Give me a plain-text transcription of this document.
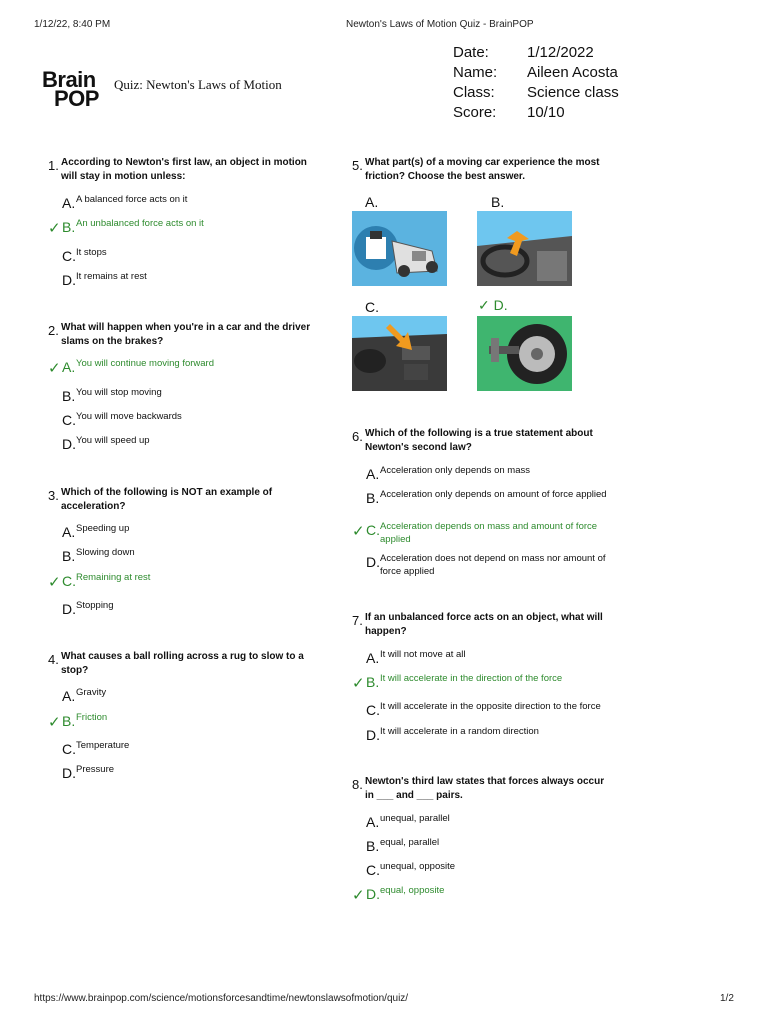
1/12/22, 8:40 PM	Newton's Laws of Motion Quiz - BrainPOP
Brain
POP
Quiz: Newton's Laws of Motion
Date:	1/12/2022
Name: Aileen Acosta
Class: Science class
Score: 10/10
1. According to Newton's first law, an object in motion will stay in motion unless:
A. A balanced force acts on it
✓ B. An unbalanced force acts on it
C. It stops
D. It remains at rest
2. What will happen when you're in a car and the driver slams on the brakes?
✓ A. You will continue moving forward
B. You will stop moving
C. You will move backwards
D. You will speed up
3. Which of the following is NOT an example of acceleration?
A. Speeding up
B. Slowing down
✓ C. Remaining at rest
D. Stopping
4. What causes a ball rolling across a rug to slow to a stop?
A. Gravity
✓ B. Friction
C. Temperature
D. Pressure
5. What part(s) of a moving car experience the most friction? Choose the best answer.
A.	B.
C.	✓ D.
6. Which of the following is a true statement about Newton's second law?
A. Acceleration only depends on mass
B. Acceleration only depends on amount of force applied
✓ C. Acceleration depends on mass and amount of force applied
D. Acceleration does not depend on mass nor amount of force applied
7. If an unbalanced force acts on an object, what will happen?
A. It will not move at all
✓ B. It will accelerate in the direction of the force
C. It will accelerate in the opposite direction to the force
D. It will accelerate in a random direction
8. Newton's third law states that forces always occur in ___ and ___ pairs.
A. unequal, parallel
B. equal, parallel
C. unequal, opposite
✓ D. equal, opposite
https://www.brainpop.com/science/motionsforcesandtime/newtonslawsofmotion/quiz/	1/2
